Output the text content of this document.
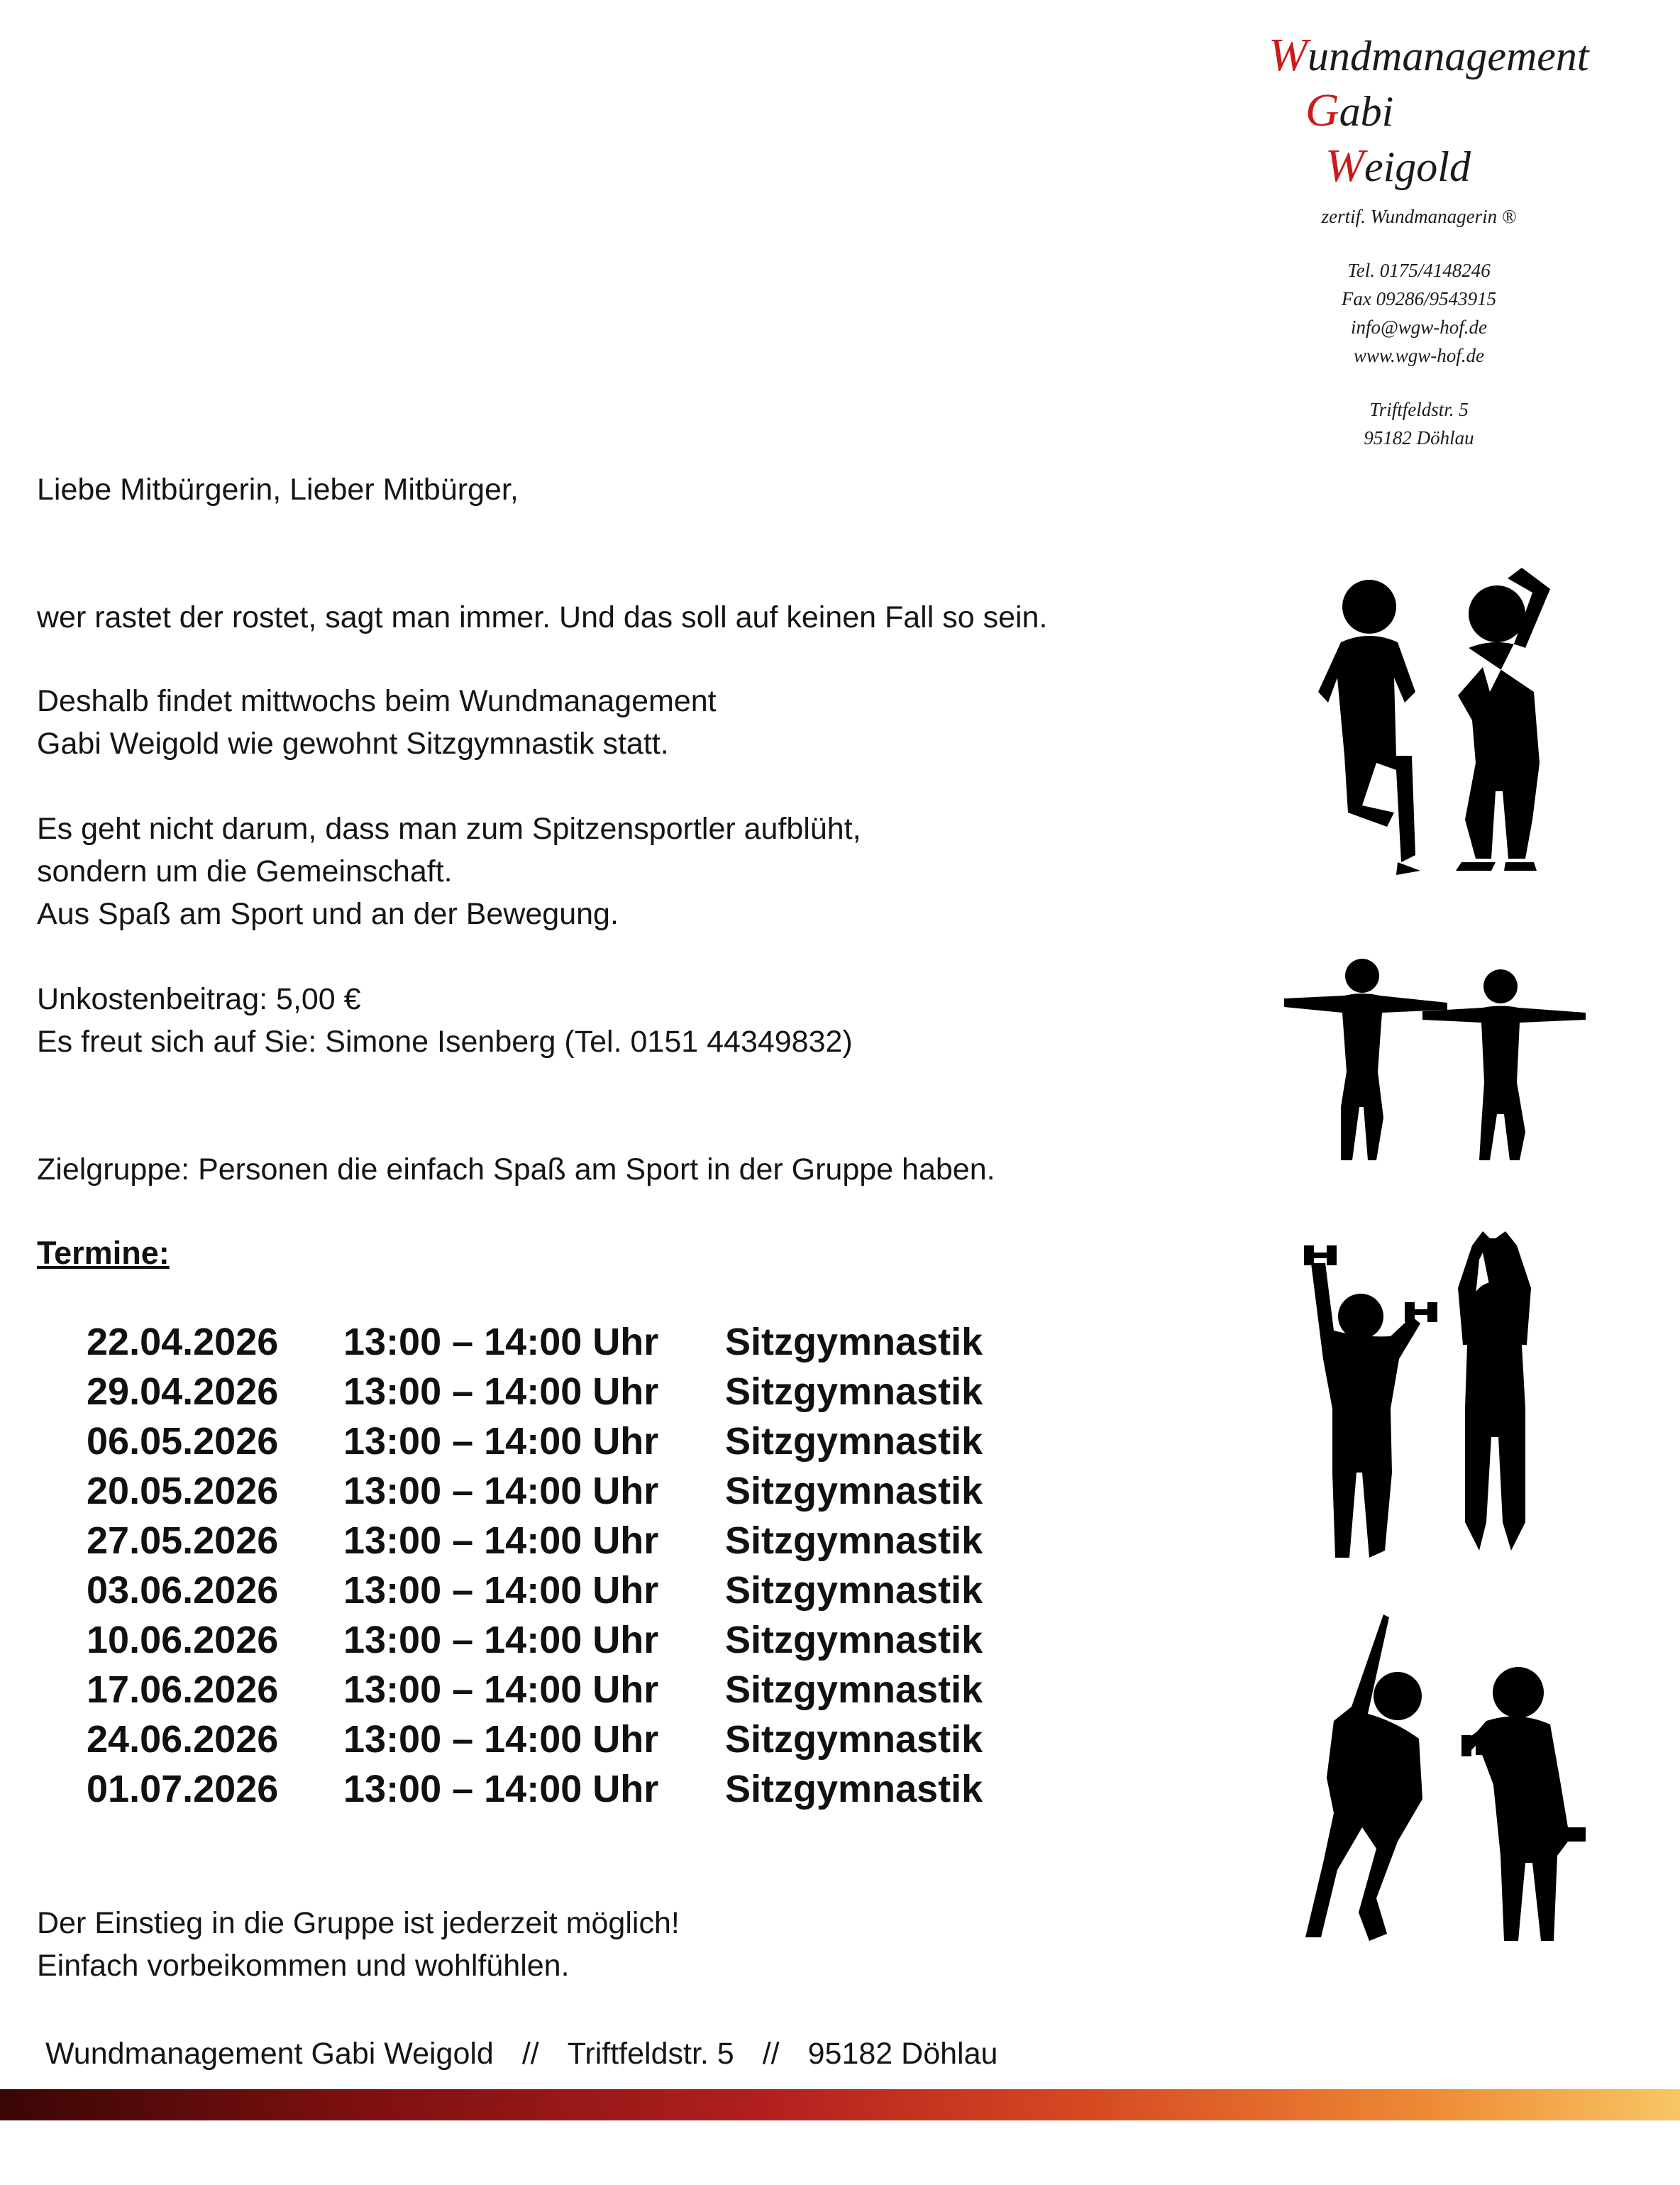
Wundmanagement
Gabi
Weigold
zertif. Wundmanagerin ®
Tel. 0175/4148246
Fax 09286/9543915
info@wgw-hof.de
www.wgw-hof.de
Triftfeldstr. 5
95182 Döhlau
Liebe Mitbürgerin, Lieber Mitbürger,
wer rastet der rostet, sagt man immer. Und das soll auf keinen Fall so sein.
Deshalb findet mittwochs beim Wundmanagement
Gabi Weigold wie gewohnt Sitzgymnastik statt.
Es geht nicht darum, dass man zum Spitzensportler aufblüht,
sondern um die Gemeinschaft.
Aus Spaß am Sport und an der Bewegung.
Unkostenbeitrag: 5,00 €
Es freut sich auf Sie: Simone Isenberg (Tel. 0151 44349832)
Zielgruppe: Personen die einfach Spaß am Sport in der Gruppe haben.
Termine:
22.04.2026 13:00 – 14:00 Uhr Sitzgymnastik
29.04.2026 13:00 – 14:00 Uhr Sitzgymnastik
06.05.2026 13:00 – 14:00 Uhr Sitzgymnastik
20.05.2026 13:00 – 14:00 Uhr Sitzgymnastik
27.05.2026 13:00 – 14:00 Uhr Sitzgymnastik
03.06.2026 13:00 – 14:00 Uhr Sitzgymnastik
10.06.2026 13:00 – 14:00 Uhr Sitzgymnastik
17.06.2026 13:00 – 14:00 Uhr Sitzgymnastik
24.06.2026 13:00 – 14:00 Uhr Sitzgymnastik
01.07.2026 13:00 – 14:00 Uhr Sitzgymnastik
Der Einstieg in die Gruppe ist jederzeit möglich!
Einfach vorbeikommen und wohlfühlen.
Wundmanagement Gabi Weigold // Triftfeldstr. 5 // 95182 Döhlau
